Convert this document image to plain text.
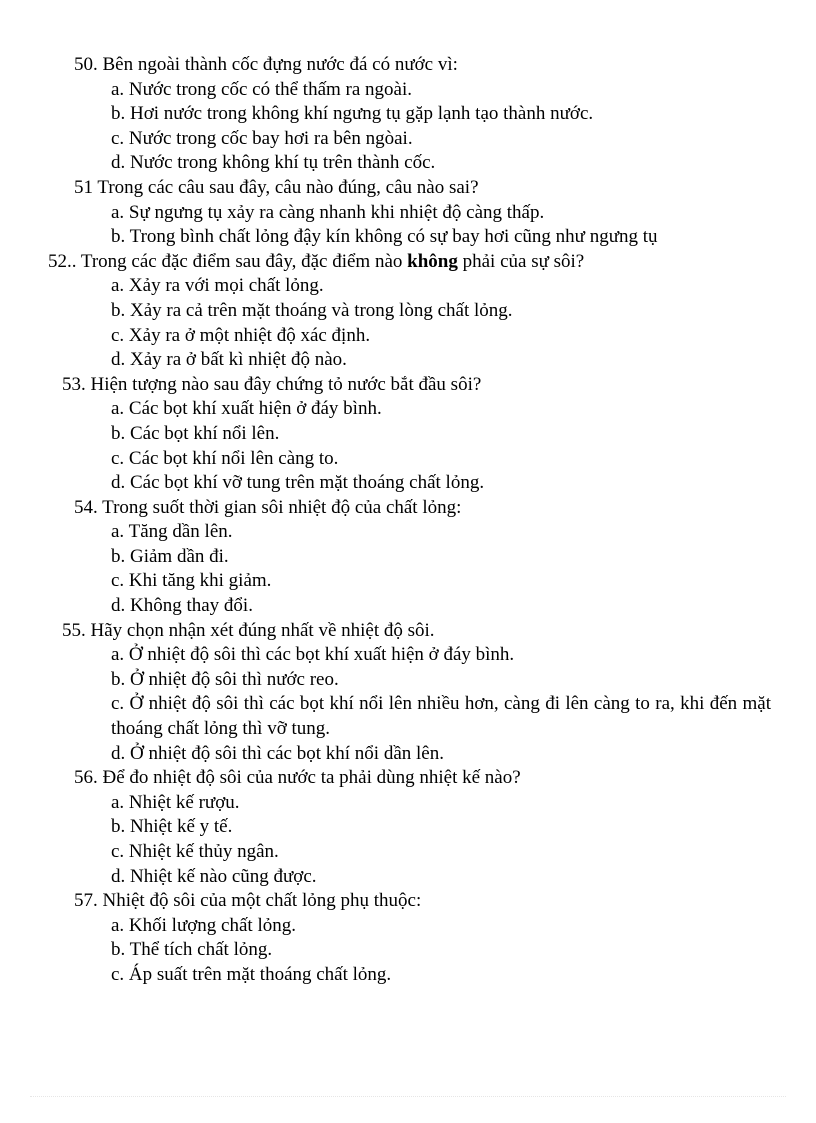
50. Bên ngoài thành cốc đựng nước đá có nước vì:
a. Nước trong cốc có thể thấm ra ngoài.
b. Hơi nước trong không khí ngưng tụ gặp lạnh tạo thành nước.
c. Nước trong cốc bay hơi ra bên ngòai.
d. Nước trong không khí tụ trên thành cốc.
51 Trong các câu sau đây, câu nào đúng, câu nào sai?
a. Sự ngưng tụ xảy ra càng nhanh khi nhiệt độ càng thấp.
b. Trong bình chất lỏng đậy kín không có sự bay hơi cũng như ngưng tụ
52.. Trong các đặc điểm sau đây, đặc điểm nào không phải của sự sôi?
a. Xảy ra với mọi chất lỏng.
b. Xảy ra cả trên mặt thoáng và trong lòng chất lỏng.
c. Xảy ra ở một nhiệt độ xác định.
d. Xảy ra ở bất kì nhiệt độ nào.
53. Hiện tượng nào sau đây chứng tỏ nước bắt đầu sôi?
a. Các bọt khí xuất hiện ở đáy bình.
b. Các bọt khí nổi lên.
c. Các bọt khí nổi lên càng to.
d. Các bọt khí vỡ tung trên mặt thoáng chất lỏng.
54. Trong suốt thời gian sôi nhiệt độ của chất lỏng:
a. Tăng dần lên.
b. Giảm dần đi.
c. Khi tăng khi giảm.
d. Không thay đổi.
55. Hãy chọn nhận xét đúng nhất về nhiệt độ sôi.
a. Ở nhiệt độ sôi thì các bọt khí xuất hiện ở đáy bình.
b. Ở nhiệt độ sôi thì nước reo.
c. Ở nhiệt độ sôi thì các bọt khí nổi lên nhiều hơn, càng đi lên càng to ra, khi đến mặt thoáng chất lỏng thì vỡ tung.
d. Ở nhiệt độ sôi thì các bọt khí nổi dần lên.
56. Để đo nhiệt độ sôi của nước ta phải dùng nhiệt kế nào?
a. Nhiệt kế rượu.
b. Nhiệt kế y tế.
c. Nhiệt kế thủy ngân.
d. Nhiệt kế nào cũng được.
57. Nhiệt độ sôi của một chất lỏng phụ thuộc:
a. Khối lượng chất lỏng.
b. Thể tích chất lỏng.
c. Áp suất trên mặt thoáng chất lỏng.
